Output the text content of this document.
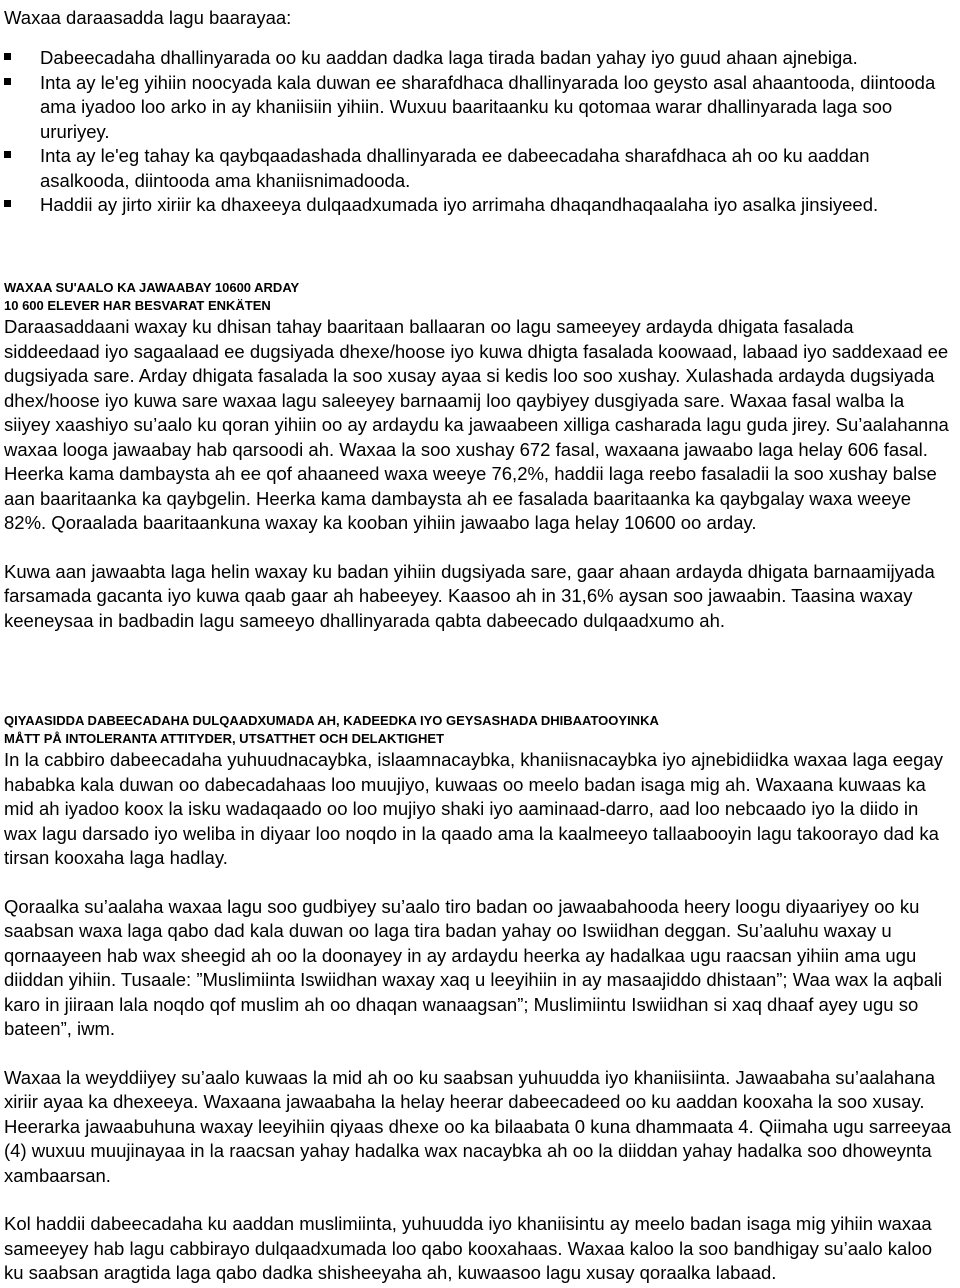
Waxaa daraasadda lagu baarayaa:

Dabeecadaha dhallinyarada oo ku aaddan dadka laga tirada badan yahay iyo guud ahaan ajnebiga.
Inta ay le'eg yihiin noocyada kala duwan ee sharafdhaca dhallinyarada loo geysto asal ahaantooda, diintooda ama iyadoo loo arko in ay khaniisiin yihiin. Wuxuu baaritaanku ku qotomaa warar dhallinyarada laga soo ururiyey.
Inta ay le'eg tahay ka qaybqaadashada dhallinyarada ee dabeecadaha sharafdhaca ah oo ku aaddan asalkooda, diintooda ama khaniisnimadooda.
Haddii ay jirto xiriir ka dhaxeeya dulqaadxumada iyo arrimaha dhaqandhaqaalaha iyo asalka jinsiyeed.

WAXAA SU'AALO KA JAWAABAY 10600 ARDAY

10 600 ELEVER HAR BESVARAT ENKÄTEN

Daraasaddaani waxay ku dhisan tahay baaritaan ballaaran oo lagu sameeyey ardayda dhigata fasalada siddeedaad iyo sagaalaad ee dugsiyada dhexe/hoose iyo kuwa dhigta fasalada koowaad, labaad iyo saddexaad ee dugsiyada sare. Arday dhigata fasalada la soo xusay ayaa si kedis loo soo xushay. Xulashada ardayda dugsiyada dhex/hoose iyo kuwa sare waxaa lagu saleeyey barnaamij loo qaybiyey dusgiyada sare. Waxaa fasal walba la siiyey xaashiyo su’aalo ku qoran yihiin oo ay ardaydu ka jawaabeen xilliga casharada lagu guda jirey. Su’aalahanna waxaa looga jawaabay hab qarsoodi ah. Waxaa la soo xushay 672 fasal, waxaana jawaabo laga helay 606 fasal. Heerka kama dambaysta ah ee qof ahaaneed waxa weeye 76,2%, haddii laga reebo fasaladii la soo xushay balse aan baaritaanka ka qaybgelin. Heerka kama dambaysta ah ee fasalada baaritaanka ka qaybgalay waxa weeye 82%. Qoraalada baaritaankuna waxay ka kooban yihiin jawaabo laga helay 10600 oo arday.

Kuwa aan jawaabta laga helin waxay ku badan yihiin dugsiyada sare, gaar ahaan ardayda dhigata barnaamijyada farsamada gacanta iyo kuwa qaab gaar ah habeeyey. Kaasoo ah in 31,6% aysan soo jawaabin. Taasina waxay keeneysaa in badbadin lagu sameeyo dhallinyarada qabta dabeecado dulqaadxumo ah.

QIYAASIDDA DABEECADAHA DULQAADXUMADA AH, KADEEDKA IYO GEYSASHADA DHIBAATOOYINKA

MÅTT PÅ INTOLERANTA ATTITYDER, UTSATTHET OCH DELAKTIGHET

In la cabbiro dabeecadaha yuhuudnacaybka, islaamnacaybka, khaniisnacaybka iyo ajnebidiidka waxaa laga eegay hababka kala duwan oo dabecadahaas loo muujiyo, kuwaas oo meelo badan isaga mig ah. Waxaana kuwaas ka mid ah iyadoo koox la isku wadaqaado oo loo mujiyo shaki iyo aaminaad-darro, aad loo nebcaado iyo la diido in wax lagu darsado iyo weliba in diyaar loo noqdo in la qaado ama la kaalmeeyo tallaabooyin lagu takoorayo dad ka tirsan kooxaha laga hadlay.

Qoraalka su’aalaha waxaa lagu soo gudbiyey su’aalo tiro badan oo jawaabahooda heery loogu diyaariyey oo ku saabsan waxa laga qabo dad kala duwan oo laga tira badan yahay oo Iswiidhan deggan. Su’aaluhu waxay u qornaayeen hab wax sheegid ah oo la doonayey in ay ardaydu heerka ay hadalkaa ugu raacsan yihiin ama ugu diiddan yihiin. Tusaale: ”Muslimiinta Iswiidhan waxay xaq u leeyihiin in ay masaajiddo dhistaan”; Waa wax la aqbali karo in jiiraan lala noqdo qof muslim ah oo dhaqan wanaagsan”; Muslimiintu Iswiidhan si xaq dhaaf ayey ugu so bateen”, iwm.

Waxaa la weyddiiyey su’aalo kuwaas la mid ah oo ku saabsan yuhuudda iyo khaniisiinta. Jawaabaha su’aalahana xiriir ayaa ka dhexeeya. Waxaana jawaabaha la helay heerar dabeecadeed oo ku aaddan kooxaha la soo xusay. Heerarka jawaabuhuna waxay leeyihiin qiyaas dhexe oo ka bilaabata 0 kuna dhammaata 4. Qiimaha ugu sarreeyaa (4) wuxuu muujinayaa in la raacsan yahay hadalka wax nacaybka ah oo la diiddan yahay hadalka soo dhoweynta xambaarsan.

Kol haddii dabeecadaha ku aaddan muslimiinta, yuhuudda iyo khaniisintu ay meelo badan isaga mig yihiin waxaa sameeyey hab lagu cabbirayo dulqaadxumada loo qabo kooxahaas. Waxaa kaloo la soo bandhigay su’aalo kaloo ku saabsan aragtida laga qabo dadka shisheeyaha ah, kuwaasoo lagu xusay qoraalka labaad.
